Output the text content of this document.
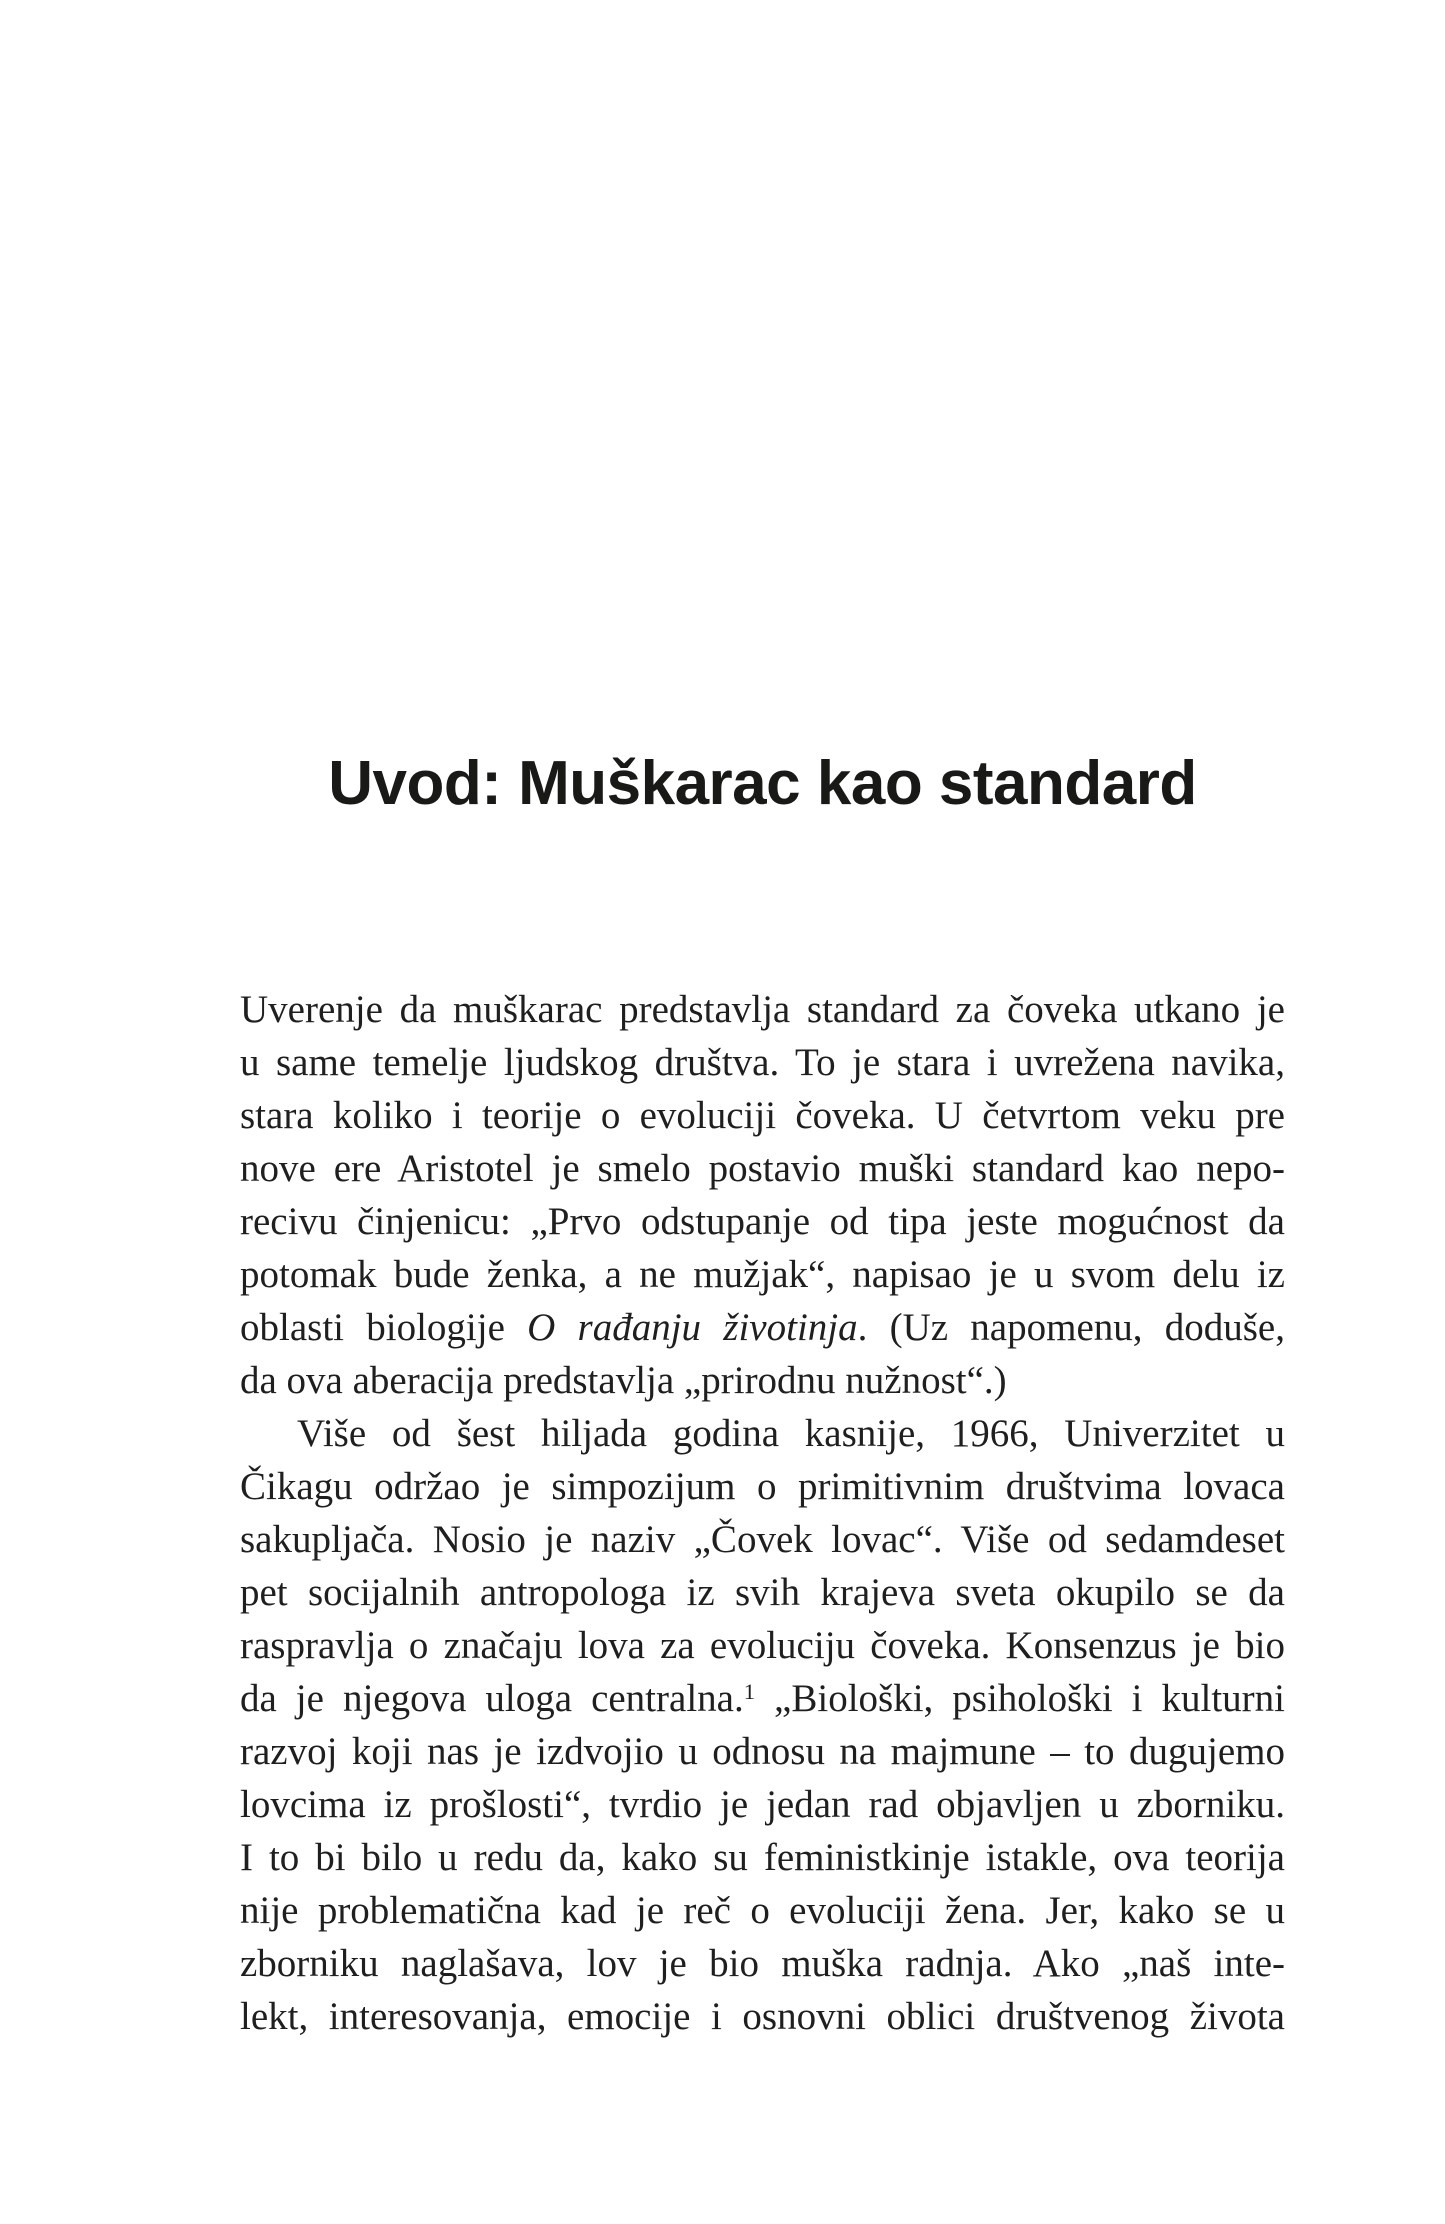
Uvod: Muškarac kao standard
Uverenje da muškarac predstavlja standard za čoveka utkano je
u same temelje ljudskog društva. To je stara i uvrežena navika,
stara koliko i teorije o evoluciji čoveka. U četvrtom veku pre
nove ere Aristotel je smelo postavio muški standard kao nepo-
recivu činjenicu: „Prvo odstupanje od tipa jeste mogućnost da
potomak bude ženka, a ne mužjak“, napisao je u svom delu iz
oblasti biologije O rađanju životinja. (Uz napomenu, doduše,
da ova aberacija predstavlja „prirodnu nužnost“.)
Više od šest hiljada godina kasnije, 1966, Univerzitet u
Čikagu održao je simpozijum o primitivnim društvima lovaca
sakupljača. Nosio je naziv „Čovek lovac“. Više od sedamdeset
pet socijalnih antropologa iz svih krajeva sveta okupilo se da
raspravlja o značaju lova za evoluciju čoveka. Konsenzus je bio
da je njegova uloga centralna.$^1$ „Biološki, psihološki i kulturni
razvoj koji nas je izdvojio u odnosu na majmune – to dugujemo
lovcima iz prošlosti“, tvrdio je jedan rad objavljen u zborniku.
I to bi bilo u redu da, kako su feministkinje istakle, ova teorija
nije problematična kad je reč o evoluciji žena. Jer, kako se u
zborniku naglašava, lov je bio muška radnja. Ako „naš inte-
lekt, interesovanja, emocije i osnovni oblici društvenog života
